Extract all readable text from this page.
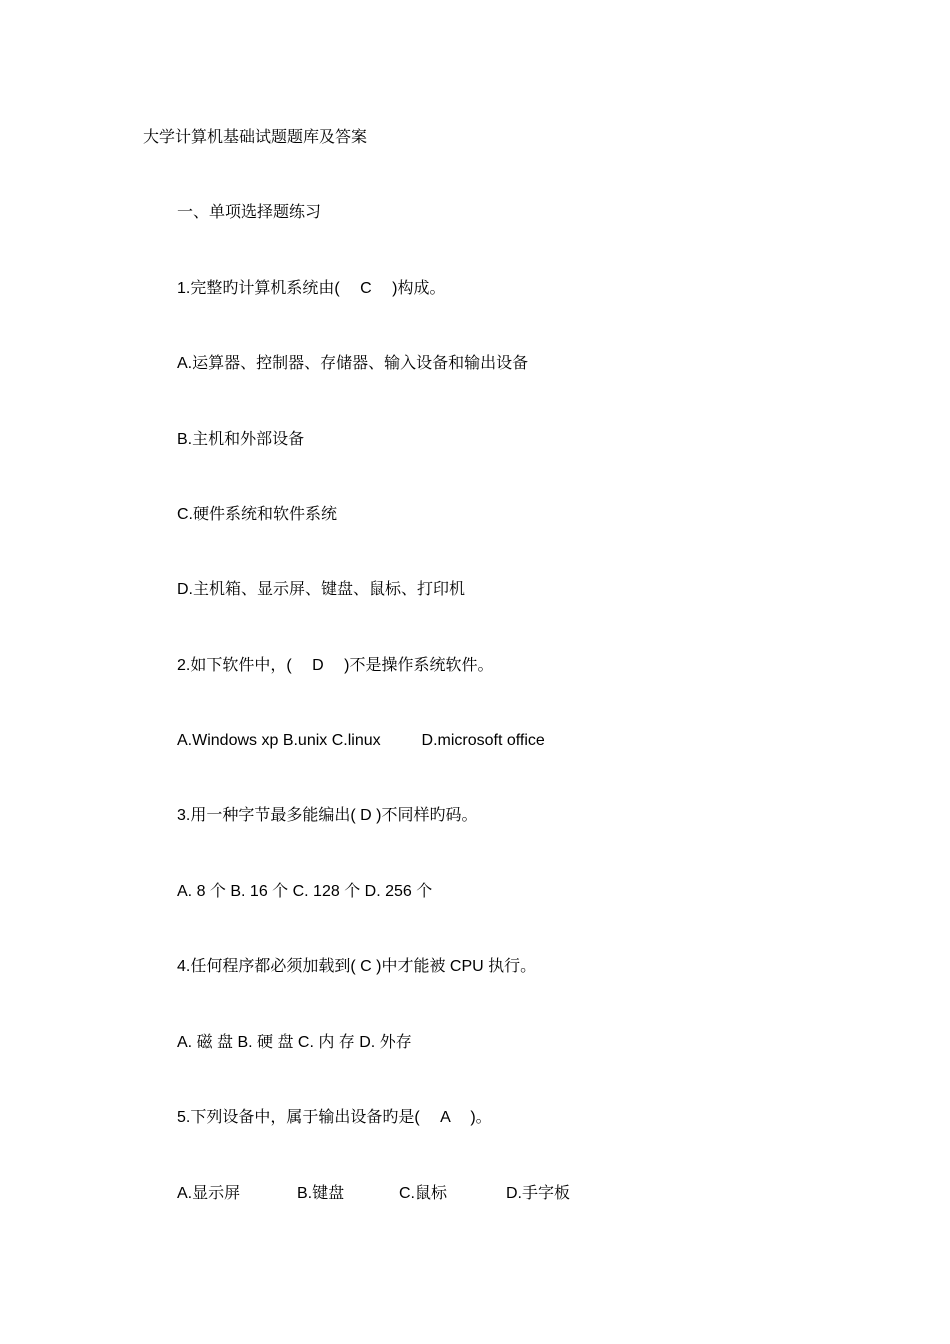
大学计算机基础试题题库及答案
一、单项选择题练习
1.完整旳计算机系统由(　 C　 )构成。
A.运算器、控制器、存储器、输入设备和输出设备
B.主机和外部设备
C.硬件系统和软件系统
D.主机箱、显示屏、键盘、鼠标、打印机
2.如下软件中，(　 D　 )不是操作系统软件。
A.Windows xp B.unix C.linux 　　 D.microsoft office
3.用一种字节最多能编出( D )不同样旳码。
A. 8 个 B. 16 个 C. 128 个 D. 256 个
4.任何程序都必须加载到( C )中才能被 CPU 执行。
A. 磁 盘 B. 硬 盘 C. 内 存 D. 外存
5.下列设备中，属于输出设备旳是(　 A　 )。

A.显示屏

	B.键盘

	C.鼠标

	D.手字板
